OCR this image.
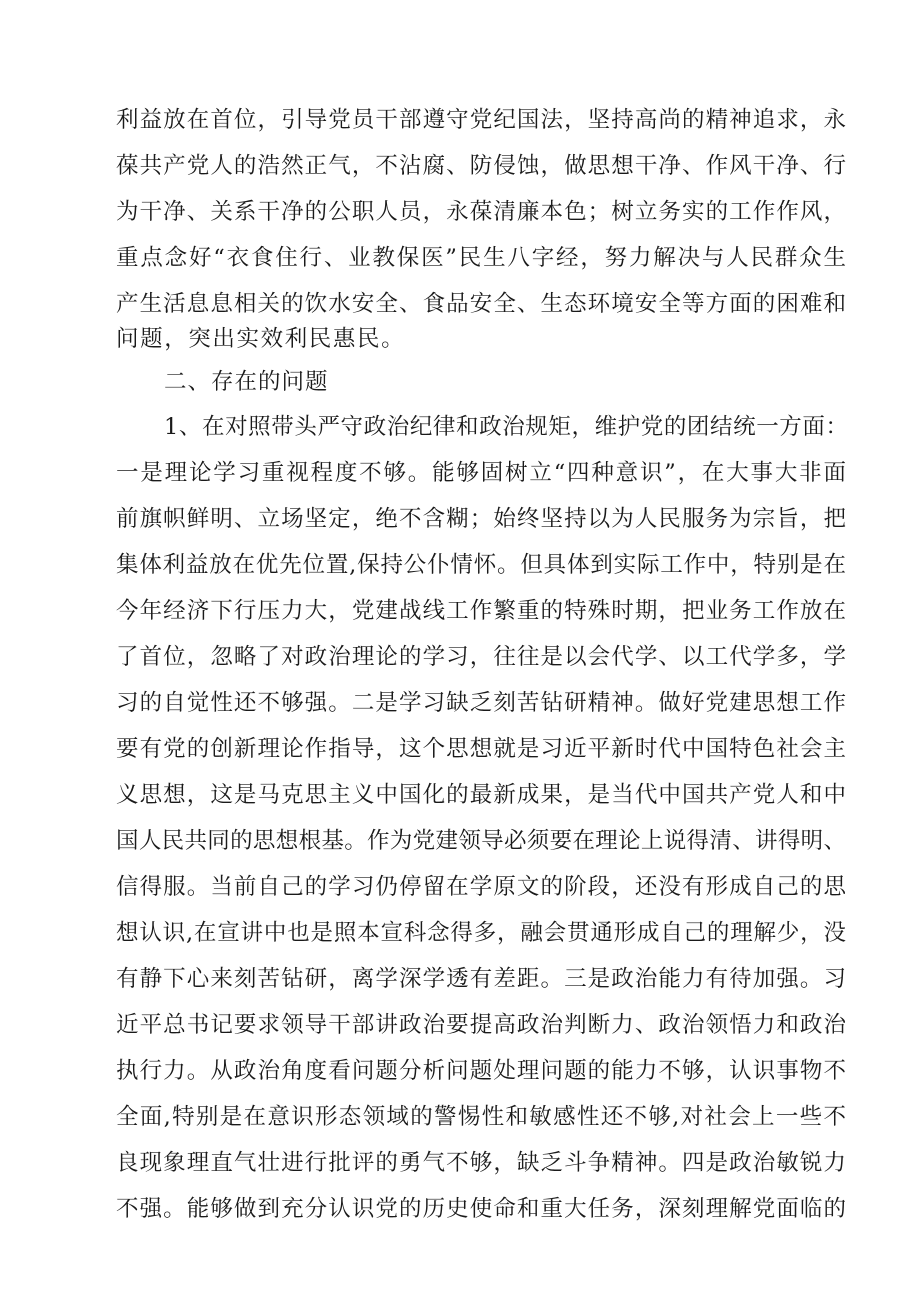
利益放在首位，引导党员干部遵守党纪国法，坚持高尚的精神追求，永
葆共产党人的浩然正气，不沾腐、防侵蚀，做思想干净、作风干净、行
为干净、关系干净的公职人员，永葆清廉本色；树立务实的工作作风，
重点念好“衣食住行、业教保医”民生八字经，努力解决与人民群众生
产生活息息相关的饮水安全、食品安全、生态环境安全等方面的困难和
问题，突出实效利民惠民。
二、存在的问题
1、在对照带头严守政治纪律和政治规矩，维护党的团结统一方面：
一是理论学习重视程度不够。能够固树立“四种意识”，在大事大非面
前旗帜鲜明、立场坚定，绝不含糊；始终坚持以为人民服务为宗旨，把
集体利益放在优先位置,保持公仆情怀。但具体到实际工作中，特别是在
今年经济下行压力大，党建战线工作繁重的特殊时期，把业务工作放在
了首位，忽略了对政治理论的学习，往往是以会代学、以工代学多，学
习的自觉性还不够强。二是学习缺乏刻苦钻研精神。做好党建思想工作
要有党的创新理论作指导，这个思想就是习近平新时代中国特色社会主
义思想，这是马克思主义中国化的最新成果，是当代中国共产党人和中
国人民共同的思想根基。作为党建领导必须要在理论上说得清、讲得明、
信得服。当前自己的学习仍停留在学原文的阶段，还没有形成自己的思
想认识,在宣讲中也是照本宣科念得多，融会贯通形成自己的理解少，没
有静下心来刻苦钻研，离学深学透有差距。三是政治能力有待加强。习
近平总书记要求领导干部讲政治要提高政治判断力、政治领悟力和政治
执行力。从政治角度看问题分析问题处理问题的能力不够，认识事物不
全面,特别是在意识形态领域的警惕性和敏感性还不够,对社会上一些不
良现象理直气壮进行批评的勇气不够，缺乏斗争精神。四是政治敏锐力
不强。能够做到充分认识党的历史使命和重大任务，深刻理解党面临的
